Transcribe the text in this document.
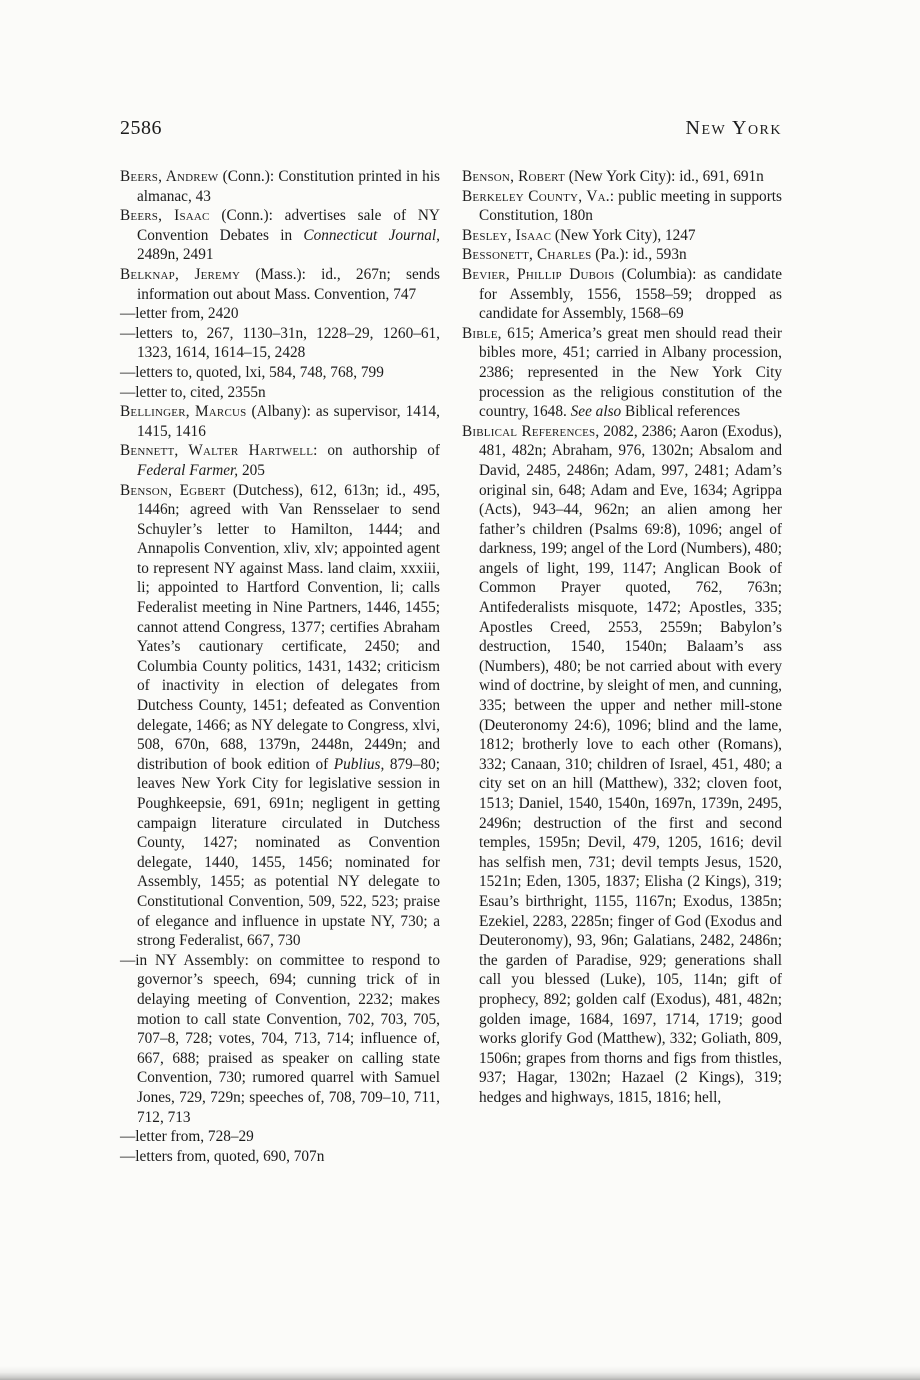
2586	New York

Beers, Andrew (Conn.): Constitution printed in his almanac, 43

Beers, Isaac (Conn.): advertises sale of NY Convention Debates in Connecticut Journal, 2489n, 2491

Belknap, Jeremy (Mass.): id., 267n; sends information out about Mass. Convention, 747

—letter from, 2420

—letters to, 267, 1130–31n, 1228–29, 1260–61, 1323, 1614, 1614–15, 2428

—letters to, quoted, lxi, 584, 748, 768, 799

—letter to, cited, 2355n

Bellinger, Marcus (Albany): as supervisor, 1414, 1415, 1416

Bennett, Walter Hartwell: on authorship of Federal Farmer, 205

Benson, Egbert (Dutchess), 612, 613n; id., 495, 1446n; agreed with Van Rensselaer to send Schuyler’s letter to Hamilton, 1444; and Annapolis Convention, xliv, xlv; appointed agent to represent NY against Mass. land claim, xxxiii, li; appointed to Hartford Convention, li; calls Federalist meeting in Nine Partners, 1446, 1455; cannot attend Congress, 1377; certifies Abraham Yates’s cautionary certificate, 2450; and Columbia County politics, 1431, 1432; criticism of inactivity in election of delegates from Dutchess County, 1451; defeated as Convention delegate, 1466; as NY delegate to Congress, xlvi, 508, 670n, 688, 1379n, 2448n, 2449n; and distribution of book edition of Publius, 879–80; leaves New York City for legislative session in Poughkeepsie, 691, 691n; negligent in getting campaign literature circulated in Dutchess County, 1427; nominated as Convention delegate, 1440, 1455, 1456; nominated for Assembly, 1455; as potential NY delegate to Constitutional Convention, 509, 522, 523; praise of elegance and influence in upstate NY, 730; a strong Federalist, 667, 730

—in NY Assembly: on committee to respond to governor’s speech, 694; cunning trick of in delaying meeting of Convention, 2232; makes motion to call state Convention, 702, 703, 705, 707–8, 728; votes, 704, 713, 714; influence of, 667, 688; praised as speaker on calling state Convention, 730; rumored quarrel with Samuel Jones, 729, 729n; speeches of, 708, 709–10, 711, 712, 713

—letter from, 728–29

—letters from, quoted, 690, 707n

Benson, Robert (New York City): id., 691, 691n

Berkeley County, Va.: public meeting in supports Constitution, 180n

Besley, Isaac (New York City), 1247

Bessonett, Charles (Pa.): id., 593n

Bevier, Phillip Dubois (Columbia): as candidate for Assembly, 1556, 1558–59; dropped as candidate for Assembly, 1568–69

Bible, 615; America’s great men should read their bibles more, 451; carried in Albany procession, 2386; represented in the New York City procession as the religious constitution of the country, 1648. See also Biblical references

Biblical References, 2082, 2386; Aaron (Exodus), 481, 482n; Abraham, 976, 1302n; Absalom and David, 2485, 2486n; Adam, 997, 2481; Adam’s original sin, 648; Adam and Eve, 1634; Agrippa (Acts), 943–44, 962n; an alien among her father’s children (Psalms 69:8), 1096; angel of darkness, 199; angel of the Lord (Numbers), 480; angels of light, 199, 1147; Anglican Book of Common Prayer quoted, 762, 763n; Antifederalists misquote, 1472; Apostles, 335; Apostles Creed, 2553, 2559n; Babylon’s destruction, 1540, 1540n; Balaam’s ass (Numbers), 480; be not carried about with every wind of doctrine, by sleight of men, and cunning, 335; between the upper and nether mill-stone (Deuteronomy 24:6), 1096; blind and the lame, 1812; brotherly love to each other (Romans), 332; Canaan, 310; children of Israel, 451, 480; a city set on an hill (Matthew), 332; cloven foot, 1513; Daniel, 1540, 1540n, 1697n, 1739n, 2495, 2496n; destruction of the first and second temples, 1595n; Devil, 479, 1205, 1616; devil has selfish men, 731; devil tempts Jesus, 1520, 1521n; Eden, 1305, 1837; Elisha (2 Kings), 319; Esau’s birthright, 1155, 1167n; Exodus, 1385n; Ezekiel, 2283, 2285n; finger of God (Exodus and Deuteronomy), 93, 96n; Galatians, 2482, 2486n; the garden of Paradise, 929; generations shall call you blessed (Luke), 105, 114n; gift of prophecy, 892; golden calf (Exodus), 481, 482n; golden image, 1684, 1697, 1714, 1719; good works glorify God (Matthew), 332; Goliath, 809, 1506n; grapes from thorns and figs from thistles, 937; Hagar, 1302n; Hazael (2 Kings), 319; hedges and highways, 1815, 1816; hell,
